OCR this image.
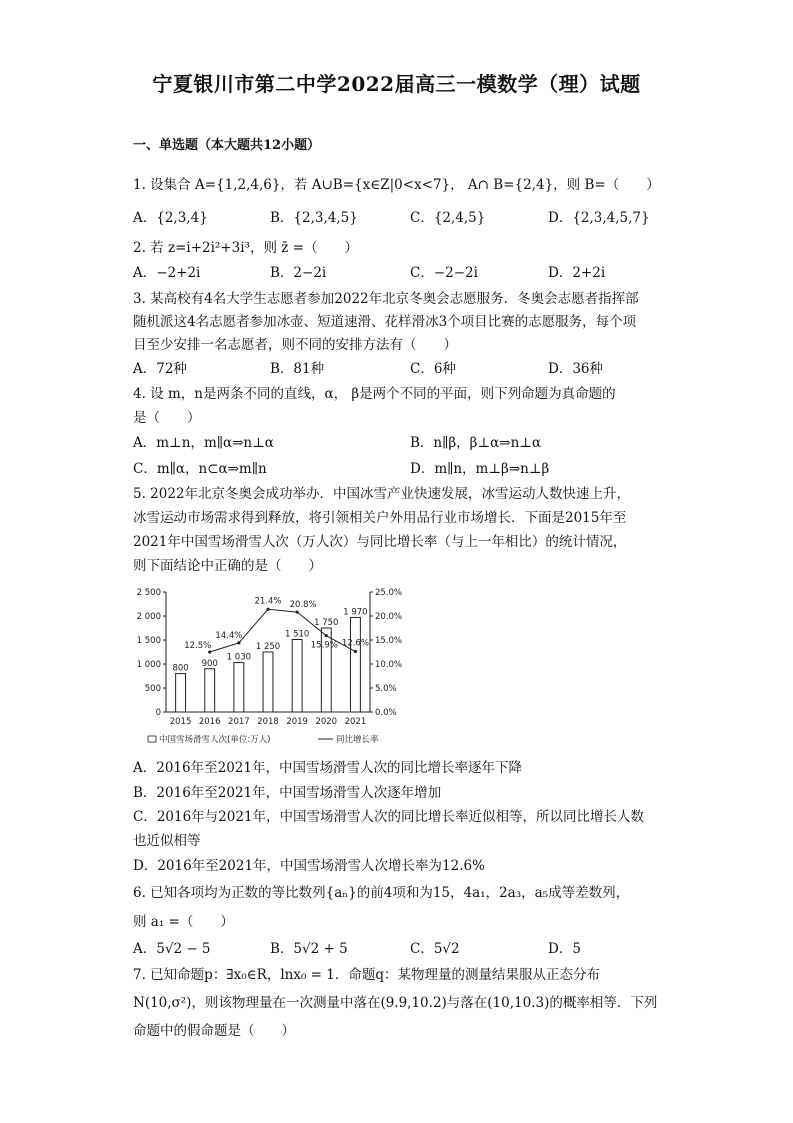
宁夏银川市第二中学2022届高三一模数学（理）试题
一、单选题（本大题共12小题）
1. 设集合 A={1,2,4,6}，若 A∪B={x∈Z|0<x<7}， A∩ B={2,4}，则 B=（　　）
A．{2,3,4}	B．{2,3,4,5}	C．{2,4,5}	D．{2,3,4,5,7}
2. 若 z=i+2i²+3i³，则 z̄ =（　　）
A．−2+2i	B．2−2i	C．−2−2i	D．2+2i
3. 某高校有4名大学生志愿者参加2022年北京冬奥会志愿服务．冬奥会志愿者指挥部
随机派这4名志愿者参加冰壶、短道速滑、花样滑冰3个项目比赛的志愿服务，每个项
目至少安排一名志愿者，则不同的安排方法有（　　）
A．72种	B．81种	C．6种	D．36种
4. 设 m，n是两条不同的直线，α， β是两个不同的平面，则下列命题为真命题的
是（　　）
A．m⊥n，m∥α⇒n⊥α	B．n∥β，β⊥α⇒n⊥α
C．m∥α，n⊂α⇒m∥n	D．m∥n，m⊥β⇒n⊥β
5. 2022年北京冬奥会成功举办．中国冰雪产业快速发展，冰雪运动人数快速上升，
冰雪运动市场需求得到释放，将引领相关户外用品行业市场增长．下面是2015年至
2021年中国雪场滑雪人次（万人次）与同比增长率（与上一年相比）的统计情况，
则下面结论中正确的是（　　）
0
500
1 000
1 500
2 000
2 500
0.0%
5.0%
10.0%
15.0%
20.0%
25.0%
800 900
1 030
1 250
1 510
1 750
1 970
2015 2016 2017 2018 2019 2020 2021
12.5%
14.4%
21.4% 20.8%
15.9% 12.6%
中国雪场滑雪人次(单位:万人)	同比增长率
A．2016年至2021年，中国雪场滑雪人次的同比增长率逐年下降
B．2016年至2021年，中国雪场滑雪人次逐年增加
C．2016年与2021年，中国雪场滑雪人次的同比增长率近似相等，所以同比增长人数
也近似相等
D．2016年至2021年，中国雪场滑雪人次增长率为12.6%
6. 已知各项均为正数的等比数列{aₙ}的前4项和为15，4a₁，2a₃，a₅成等差数列，
则 a₁ =（　　）
A．5√2 − 5	B．5√2 + 5	C．5√2	D．5
7. 已知命题p：∃x₀∈R，lnx₀ = 1．命题q：某物理量的测量结果服从正态分布
N(10,σ²)，则该物理量在一次测量中落在(9.9,10.2)与落在(10,10.3)的概率相等．下列
命题中的假命题是（　　）
